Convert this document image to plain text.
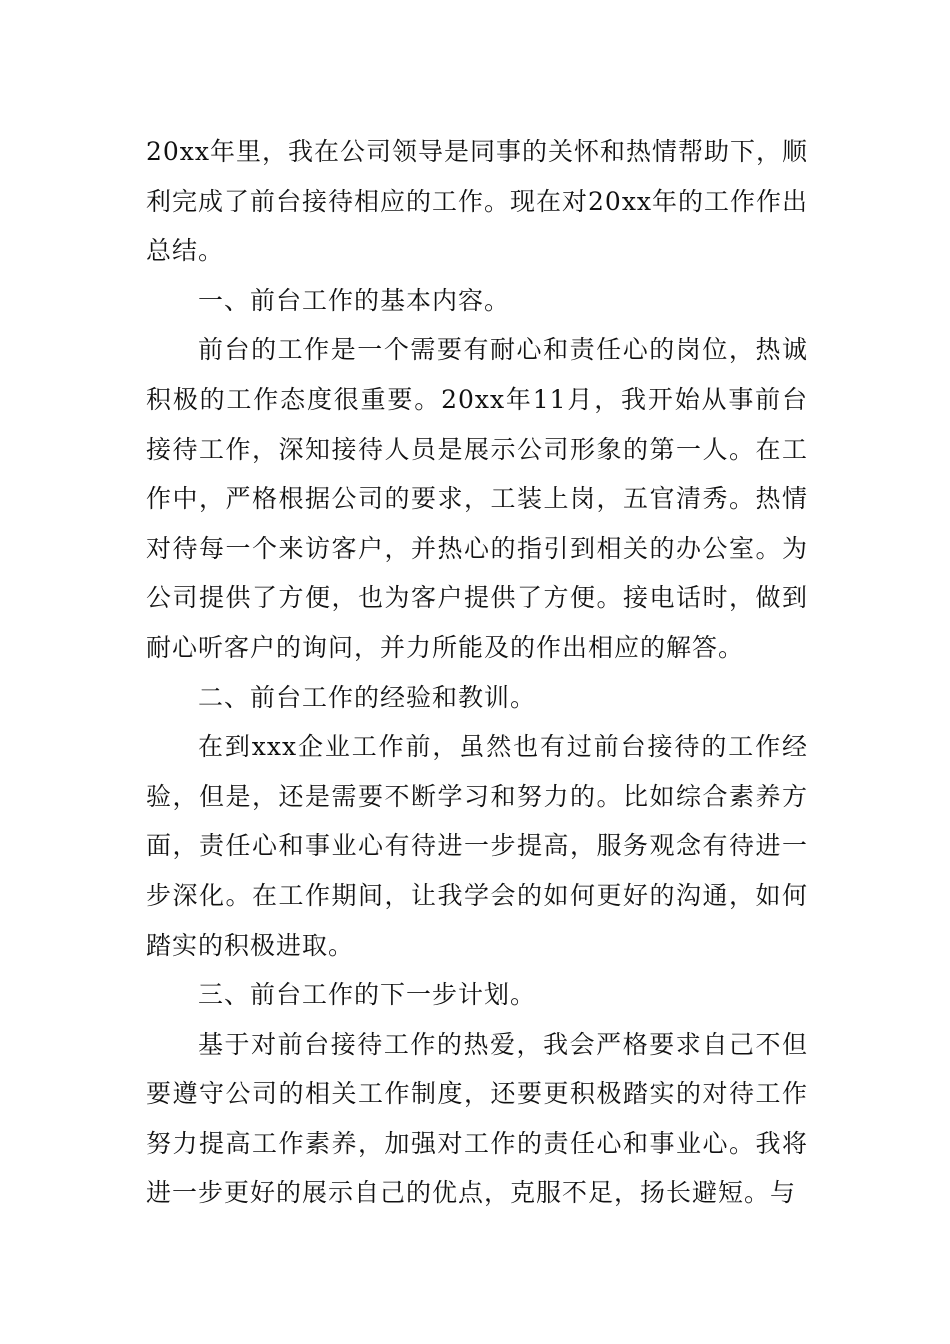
20xx年里，我在公司领导是同事的关怀和热情帮助下，顺利完成了前台接待相应的工作。现在对20xx年的工作作出总结。

一、前台工作的基本内容。

前台的工作是一个需要有耐心和责任心的岗位，热诚积极的工作态度很重要。20xx年11月，我开始从事前台接待工作，深知接待人员是展示公司形象的第一人。在工作中，严格根据公司的要求，工装上岗，五官清秀。热情对待每一个来访客户，并热心的指引到相关的办公室。为公司提供了方便，也为客户提供了方便。接电话时，做到耐心听客户的询问，并力所能及的作出相应的解答。

二、前台工作的经验和教训。

在到xxx企业工作前，虽然也有过前台接待的工作经验，但是，还是需要不断学习和努力的。比如综合素养方面，责任心和事业心有待进一步提高，服务观念有待进一步深化。在工作期间，让我学会的如何更好的沟通，如何踏实的积极进取。

三、前台工作的下一步计划。

基于对前台接待工作的热爱，我会严格要求自己不但要遵守公司的相关工作制度，还要更积极踏实的对待工作努力提高工作素养，加强对工作的责任心和事业心。我将进一步更好的展示自己的优点，克服不足，扬长避短。与
